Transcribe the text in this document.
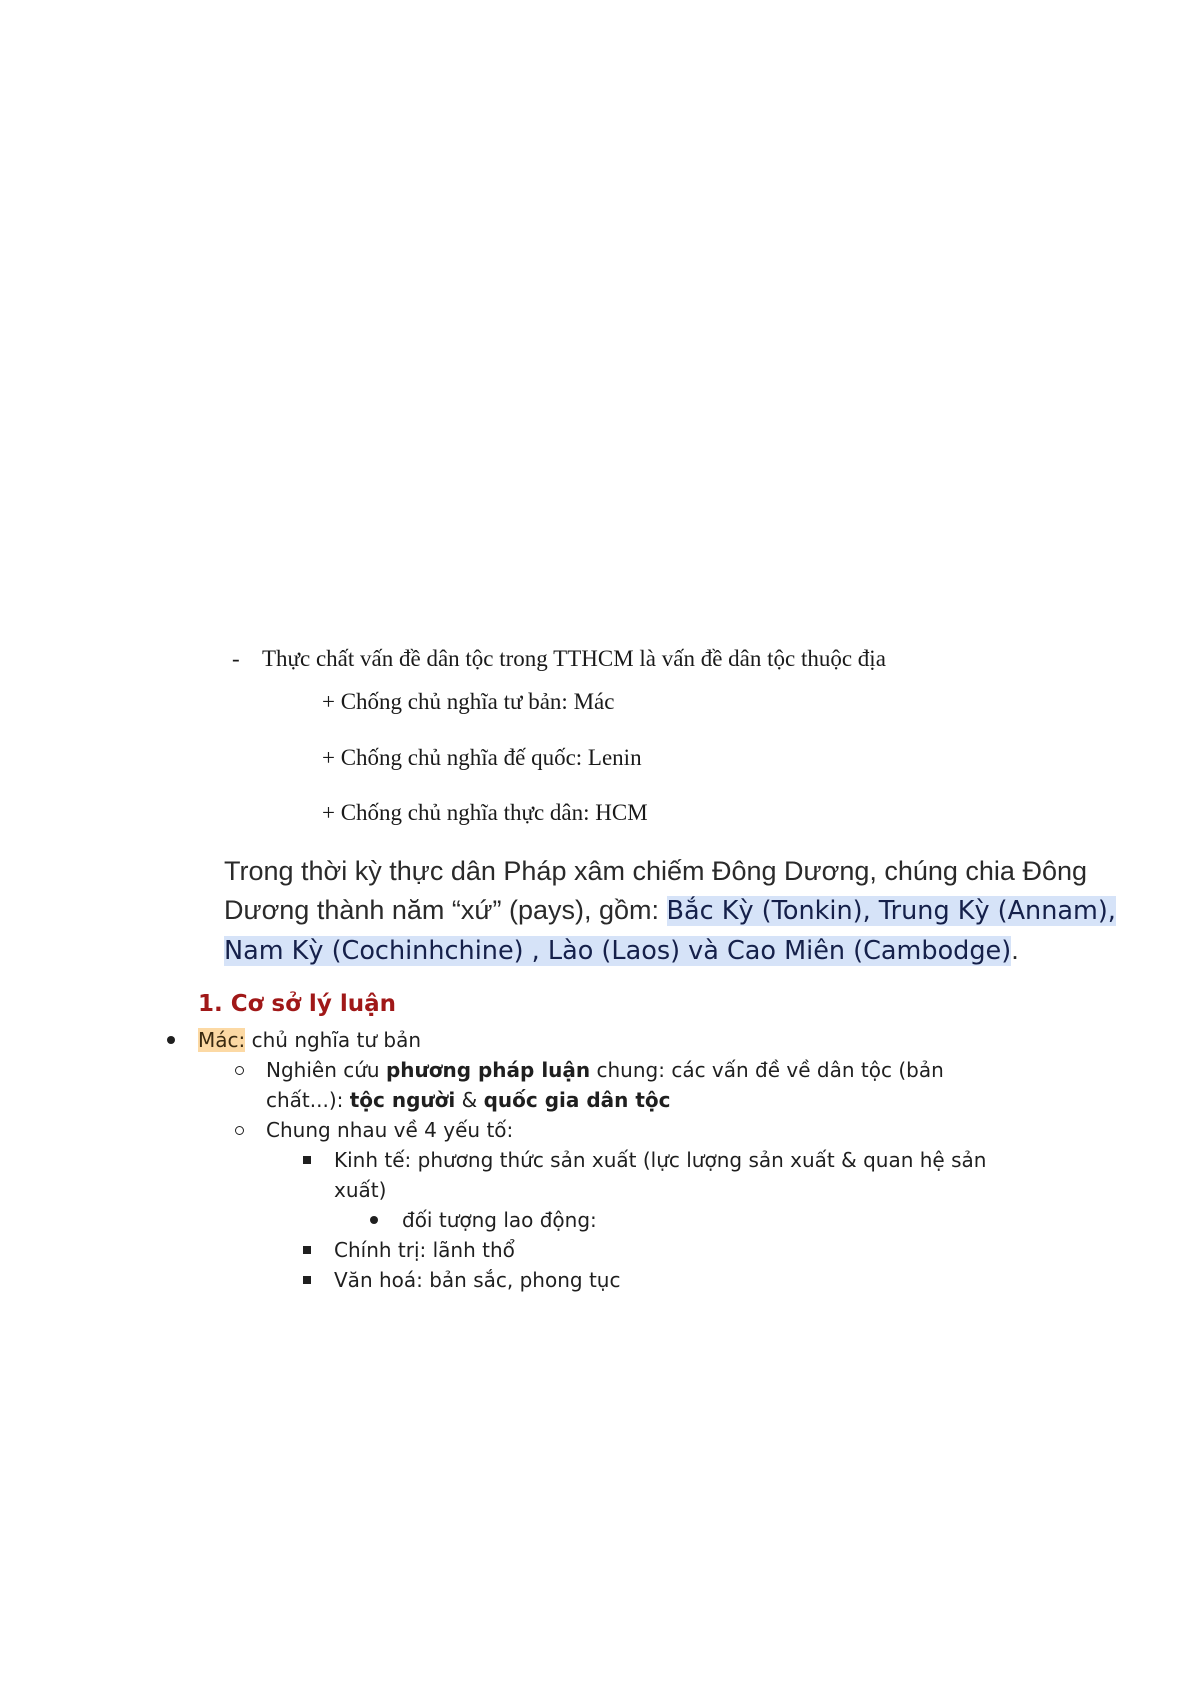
- Thực chất vấn đề dân tộc trong TTHCM là vấn đề dân tộc thuộc địa
+ Chống chủ nghĩa tư bản: Mác
+ Chống chủ nghĩa đế quốc: Lenin
+ Chống chủ nghĩa thực dân: HCM
Trong thời kỳ thực dân Pháp xâm chiếm Đông Dương, chúng chia Đông Dương thành năm “xứ” (pays), gồm: Bắc Kỳ (Tonkin), Trung Kỳ (Annam), Nam Kỳ (Cochinhchine) , Lào (Laos) và Cao Miên (Cambodge).
1. Cơ sở lý luận
Mác: chủ nghĩa tư bản
Nghiên cứu phương pháp luận chung: các vấn đề về dân tộc (bản
chất...): tộc người & quốc gia dân tộc
Chung nhau về 4 yếu tố:
Kinh tế: phương thức sản xuất (lực lượng sản xuất & quan hệ sản
xuất)
đối tượng lao động:
Chính trị: lãnh thổ
Văn hoá: bản sắc, phong tục
